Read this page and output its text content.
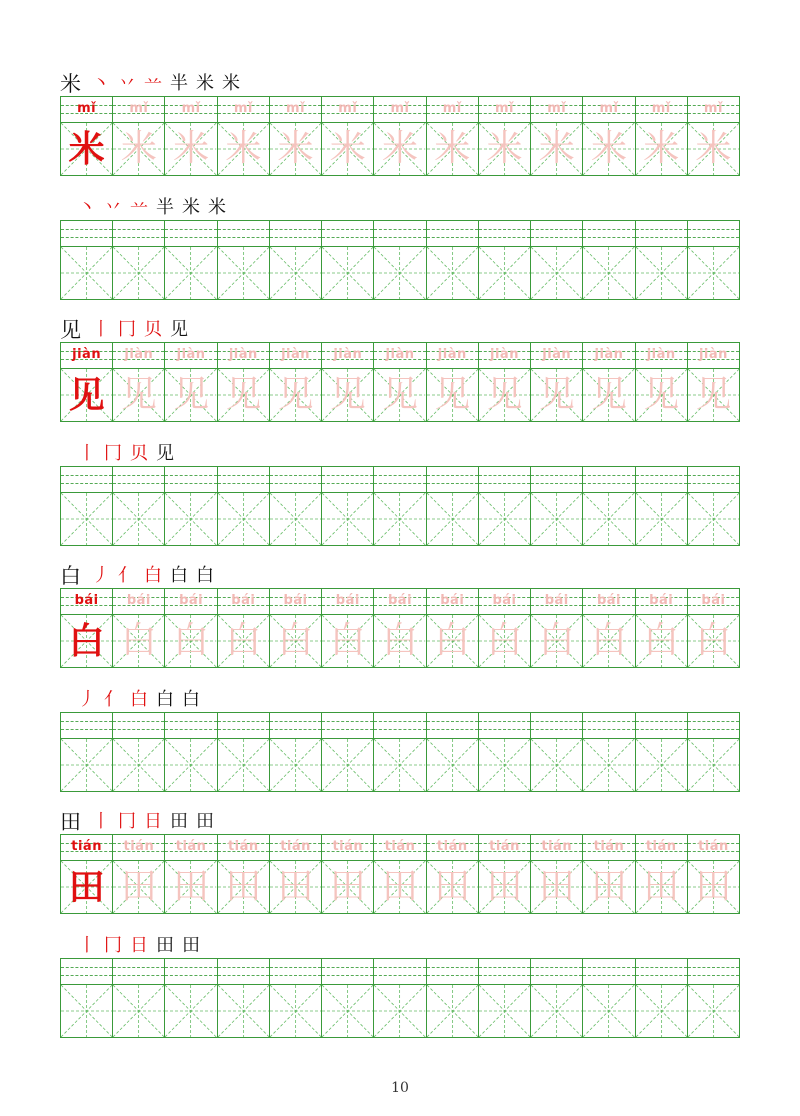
米 丶 丷 䒑 半 米 米
mǐ
米
mǐ
米
mǐ
米
mǐ
米
mǐ
米
mǐ
米
mǐ
米
mǐ
米
mǐ
米
mǐ
米
mǐ
米
mǐ
米
mǐ
米
丶 丷 䒑 半 米 米
见 丨 冂 贝 见
jiàn
见
jiàn
见
jiàn
见
jiàn
见
jiàn
见
jiàn
见
jiàn
见
jiàn
见
jiàn
见
jiàn
见
jiàn
见
jiàn
见
jiàn
见
丨 冂 贝 见
白 丿 亻 白 白 白
bái
白
bái
白
bái
白
bái
白
bái
白
bái
白
bái
白
bái
白
bái
白
bái
白
bái
白
bái
白
bái
白
丿 亻 白 白 白
田 丨 冂 日 田 田
tián
田
tián
田
tián
田
tián
田
tián
田
tián
田
tián
田
tián
田
tián
田
tián
田
tián
田
tián
田
tián
田
丨 冂 日 田 田
10
